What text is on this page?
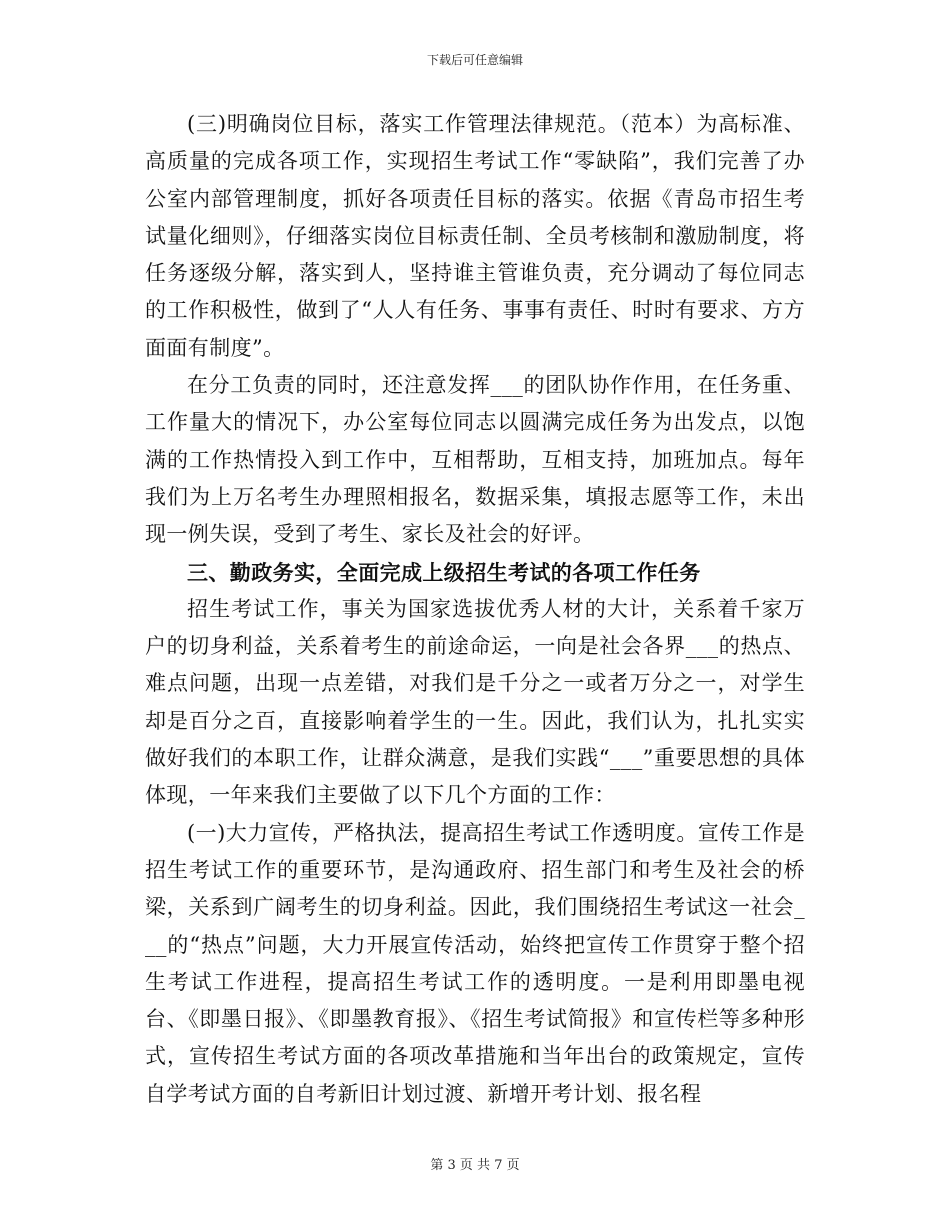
下载后可任意编辑

(三)明确岗位目标，落实工作管理法律规范。（范本）为高标准、高质量的完成各项工作，实现招生考试工作“零缺陷”，我们完善了办公室内部管理制度，抓好各项责任目标的落实。依据《青岛市招生考试量化细则》，仔细落实岗位目标责任制、全员考核制和激励制度，将任务逐级分解，落实到人，坚持谁主管谁负责，充分调动了每位同志的工作积极性，做到了“人人有任务、事事有责任、时时有要求、方方面面有制度”。

在分工负责的同时，还注意发挥___的团队协作作用，在任务重、工作量大的情况下，办公室每位同志以圆满完成任务为出发点，以饱满的工作热情投入到工作中，互相帮助，互相支持，加班加点。每年我们为上万名考生办理照相报名，数据采集，填报志愿等工作，未出现一例失误，受到了考生、家长及社会的好评。

三、勤政务实，全面完成上级招生考试的各项工作任务

招生考试工作，事关为国家选拔优秀人材的大计，关系着千家万户的切身利益，关系着考生的前途命运，一向是社会各界___的热点、难点问题，出现一点差错，对我们是千分之一或者万分之一，对学生却是百分之百，直接影响着学生的一生。因此，我们认为，扎扎实实做好我们的本职工作，让群众满意，是我们实践“___”重要思想的具体体现，一年来我们主要做了以下几个方面的工作：

(一)大力宣传，严格执法，提高招生考试工作透明度。宣传工作是招生考试工作的重要环节，是沟通政府、招生部门和考生及社会的桥梁，关系到广阔考生的切身利益。因此，我们围绕招生考试这一社会___的“热点”问题，大力开展宣传活动，始终把宣传工作贯穿于整个招生考试工作进程，提高招生考试工作的透明度。一是利用即墨电视台、《即墨日报》、《即墨教育报》、《招生考试简报》和宣传栏等多种形式，宣传招生考试方面的各项改革措施和当年出台的政策规定，宣传自学考试方面的自考新旧计划过渡、新增开考计划、报名程

第 3 页 共 7 页
